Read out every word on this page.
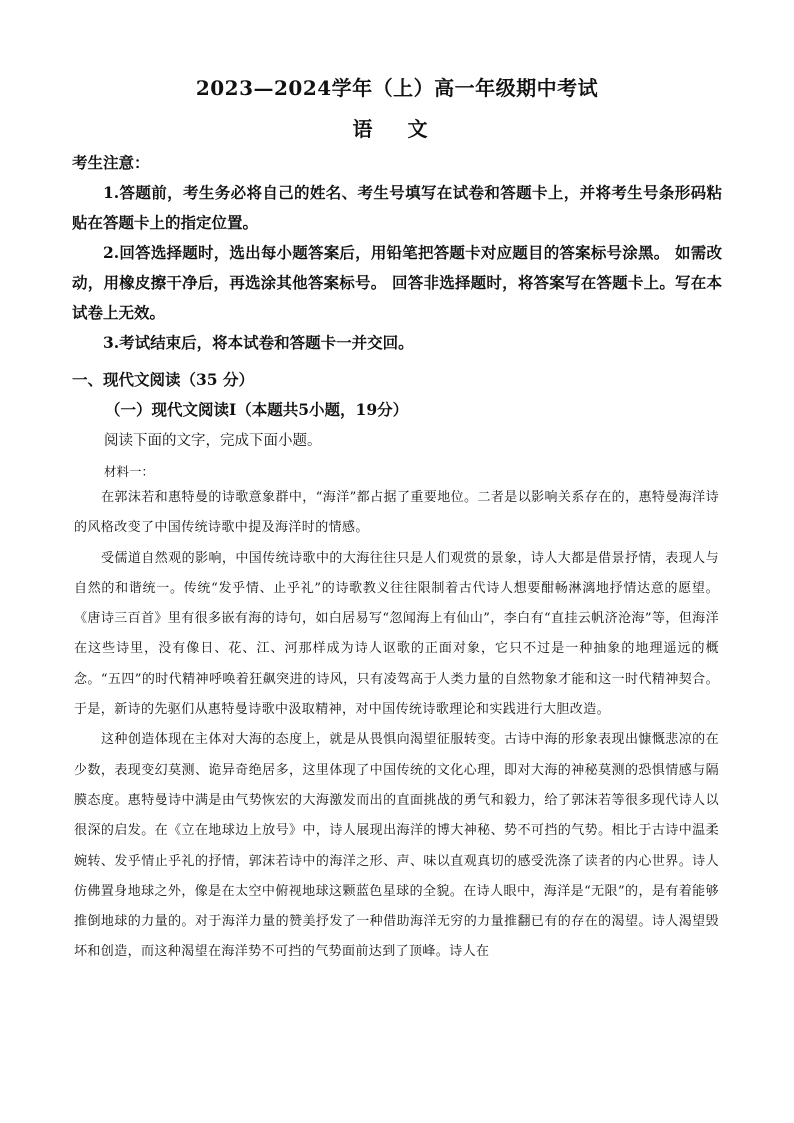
2023—2024学年（上）高一年级期中考试
语 文
考生注意：
1.答题前，考生务必将自己的姓名、考生号填写在试卷和答题卡上，并将考生号条形码粘贴在答题卡上的指定位置。
2.回答选择题时，选出每小题答案后，用铅笔把答题卡对应题目的答案标号涂黑。 如需改动，用橡皮擦干净后，再选涂其他答案标号。 回答非选择题时，将答案写在答题卡上。写在本试卷上无效。
3.考试结束后，将本试卷和答题卡一并交回。
一、现代文阅读（35 分）
（一）现代文阅读Ⅰ（本题共5小题，19分）
阅读下面的文字，完成下面小题。
材料一：

在郭沫若和惠特曼的诗歌意象群中，“海洋”都占据了重要地位。二者是以影响关系存在的，惠特曼海洋诗的风格改变了中国传统诗歌中提及海洋时的情感。

受儒道自然观的影响，中国传统诗歌中的大海往往只是人们观赏的景象，诗人大都是借景抒情，表现人与自然的和谐统一。传统“发乎情、止乎礼”的诗歌教义往往限制着古代诗人想要酣畅淋漓地抒情达意的愿望。《唐诗三百首》里有很多嵌有海的诗句，如白居易写“忽闻海上有仙山”，李白有“直挂云帆济沧海”等，但海洋在这些诗里，没有像日、花、江、河那样成为诗人讴歌的正面对象，它只不过是一种抽象的地理遥远的概念。“五四”的时代精神呼唤着狂飙突进的诗风，只有凌驾高于人类力量的自然物象才能和这一时代精神契合。于是，新诗的先驱们从惠特曼诗歌中汲取精神，对中国传统诗歌理论和实践进行大胆改造。

这种创造体现在主体对大海的态度上，就是从畏惧向渴望征服转变。古诗中海的形象表现出慷慨悲凉的在少数，表现变幻莫测、诡异奇绝居多，这里体现了中国传统的文化心理，即对大海的神秘莫测的恐惧情感与隔膜态度。惠特曼诗中满是由气势恢宏的大海激发而出的直面挑战的勇气和毅力，给了郭沫若等很多现代诗人以很深的启发。在《立在地球边上放号》中，诗人展现出海洋的博大神秘、势不可挡的气势。相比于古诗中温柔婉转、发乎情止乎礼的抒情，郭沫若诗中的海洋之形、声、味以直观真切的感受洗涤了读者的内心世界。诗人仿佛置身地球之外，像是在太空中俯视地球这颗蓝色星球的全貌。在诗人眼中，海洋是“无限”的，是有着能够推倒地球的力量的。对于海洋力量的赞美抒发了一种借助海洋无穷的力量推翻已有的存在的渴望。诗人渴望毁坏和创造，而这种渴望在海洋势不可挡的气势面前达到了顶峰。诗人在
